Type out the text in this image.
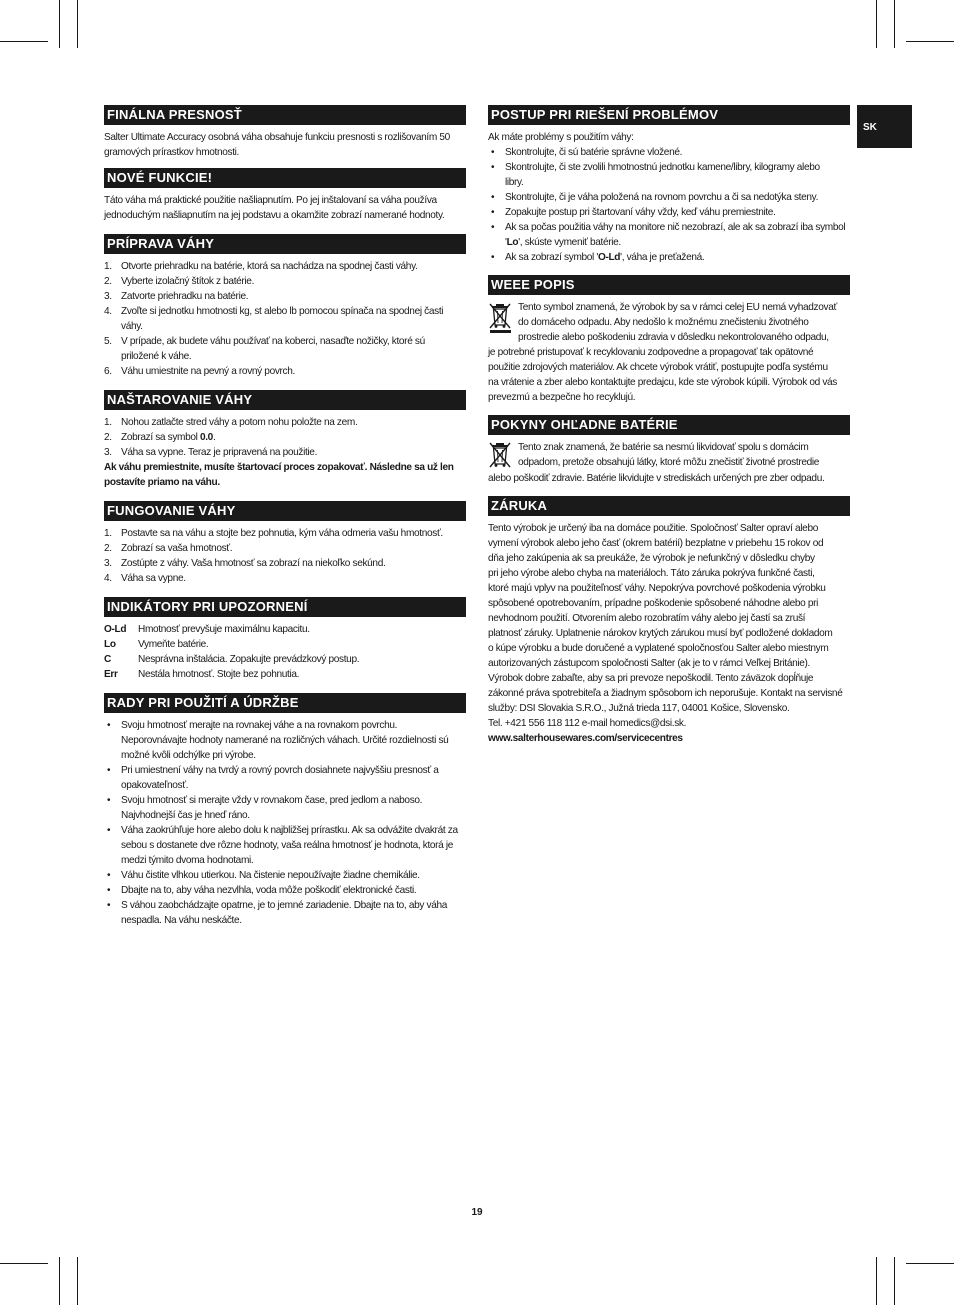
FINÁLNA PRESNOSŤ
Salter Ultimate Accuracy osobná váha obsahuje funkciu presnosti s rozlišovaním 50
gramových prírastkov hmotnosti.
NOVÉ FUNKCIE!
Táto váha má praktické použitie našliapnutím. Po jej inštalovaní sa váha používa
jednoduchým našliapnutím na jej podstavu a okamžite zobrazí namerané hodnoty.
PRÍPRAVA VÁHY
1. Otvorte priehradku na batérie, ktorá sa nachádza na spodnej časti váhy.
2. Vyberte izolačný štítok z batérie.
3. Zatvorte priehradku na batérie.
4. Zvoľte si jednotku hmotnosti kg, st alebo lb pomocou spínača na spodnej časti
váhy.
5. V prípade, ak budete váhu používať na koberci, nasaďte nožičky, ktoré sú
priložené k váhe.
6. Váhu umiestnite na pevný a rovný povrch.
NAŠTAROVANIE VÁHY
1. Nohou zatlačte stred váhy a potom nohu položte na zem.
2. Zobrazí sa symbol 0.0.
3. Váha sa vypne. Teraz je pripravená na použitie.
Ak váhu premiestnite, musíte štartovací proces zopakovať. Následne sa už len
postavíte priamo na váhu.
FUNGOVANIE VÁHY
1. Postavte sa na váhu a stojte bez pohnutia, kým váha odmeria vašu hmotnosť.
2. Zobrazí sa vaša hmotnosť.
3. Zostúpte z váhy. Vaša hmotnosť sa zobrazí na niekoľko sekúnd.
4. Váha sa vypne.
INDIKÁTORY PRI UPOZORNENÍ
O-Ld	Hmotnosť prevyšuje maximálnu kapacitu.
Lo	Vymeňte batérie.
C	Nesprávna inštalácia. Zopakujte prevádzkový postup.
Err	Nestála hmotnosť. Stojte bez pohnutia.
RADY PRI POUŽITÍ A ÚDRŽBE
•	Svoju hmotnosť merajte na rovnakej váhe a na rovnakom povrchu.
Neporovnávajte hodnoty namerané na rozličných váhach. Určité rozdielnosti sú
možné kvôli odchýlke pri výrobe.
•	Pri umiestnení váhy na tvrdý a rovný povrch dosiahnete najvyššiu presnosť a
opakovateľnosť.
•	Svoju hmotnosť si merajte vždy v rovnakom čase, pred jedlom a naboso.
Najvhodnejší čas je hneď ráno.
•	Váha zaokrúhľuje hore alebo dolu k najbližšej prírastku. Ak sa odvážite dvakrát za
sebou s dostanete dve rôzne hodnoty, vaša reálna hmotnosť je hodnota, ktorá je
medzi týmito dvoma hodnotami.
•	Váhu čistite vlhkou utierkou. Na čistenie nepoužívajte žiadne chemikálie.
•	Dbajte na to, aby váha nezvlhla, voda môže poškodiť elektronické časti.
•	S váhou zaobchádzajte opatrne, je to jemné zariadenie. Dbajte na to, aby váha
nespadla. Na váhu neskáčte.
POSTUP PRI RIEŠENÍ PROBLÉMOV
Ak máte problémy s použitím váhy:
•	Skontrolujte, či sú batérie správne vložené.
•	Skontrolujte, či ste zvolili hmotnostnú jednotku kamene/libry, kilogramy alebo
libry.
•	Skontrolujte, či je váha položená na rovnom povrchu a či sa nedotýka steny.
•	Zopakujte postup pri štartovaní váhy vždy, keď váhu premiestnite.
•	Ak sa počas použitia váhy na monitore nič nezobrazí, ale ak sa zobrazí iba symbol
'Lo', skúste vymeniť batérie.
•	Ak sa zobrazí symbol 'O-Ld', váha je preťažená.
WEEE POPIS
Tento symbol znamená, že výrobok by sa v rámci celej EU nemá vyhadzovať
do domáceho odpadu. Aby nedošlo k možnému znečisteniu životného
prostredie alebo poškodeniu zdravia v dôsledku nekontrolovaného odpadu,
je potrebné pristupovať k recyklovaniu zodpovedne a propagovať tak opätovné
použitie zdrojových materiálov. Ak chcete výrobok vrátiť, postupujte podľa systému
na vrátenie a zber alebo kontaktujte predajcu, kde ste výrobok kúpili. Výrobok od vás
prevezmú a bezpečne ho recyklujú.
POKYNY OHĽADNE BATÉRIE
Tento znak znamená, že batérie sa nesmú likvidovať spolu s domácim
odpadom, pretože obsahujú látky, ktoré môžu znečistiť životné prostredie
alebo poškodiť zdravie. Batérie likvidujte v strediskách určených pre zber odpadu.
ZÁRUKA
Tento výrobok je určený iba na domáce použitie. Spoločnosť Salter opraví alebo
vymení výrobok alebo jeho časť (okrem batérií) bezplatne v priebehu 15 rokov od
dňa jeho zakúpenia ak sa preukáže, že výrobok je nefunkčný v dôsledku chyby
pri jeho výrobe alebo chyba na materiáloch. Táto záruka pokrýva funkčné časti,
ktoré majú vplyv na použiteľnosť váhy. Nepokrýva povrchové poškodenia výrobku
spôsobené opotrebovaním, prípadne poškodenie spôsobené náhodne alebo pri
nevhodnom použití. Otvorením alebo rozobratím váhy alebo jej častí sa zruší
platnosť záruky. Uplatnenie nárokov krytých zárukou musí byť podložené dokladom
o kúpe výrobku a bude doručené a vyplatené spoločnosťou Salter alebo miestnym
autorizovaných zástupcom spoločnosti Salter (ak je to v rámci Veľkej Británie).
Výrobok dobre zabaľte, aby sa pri prevoze nepoškodil. Tento záväzok dopĺňuje
zákonné práva spotrebiteľa a žiadnym spôsobom ich neporušuje. Kontakt na servisné
služby: DSI Slovakia S.R.O., Južná trieda 117, 04001 Košice, Slovensko.
Tel. +421 556 118 112 e-mail homedics@dsi.sk.
www.salterhousewares.com/servicecentres
SK
19
